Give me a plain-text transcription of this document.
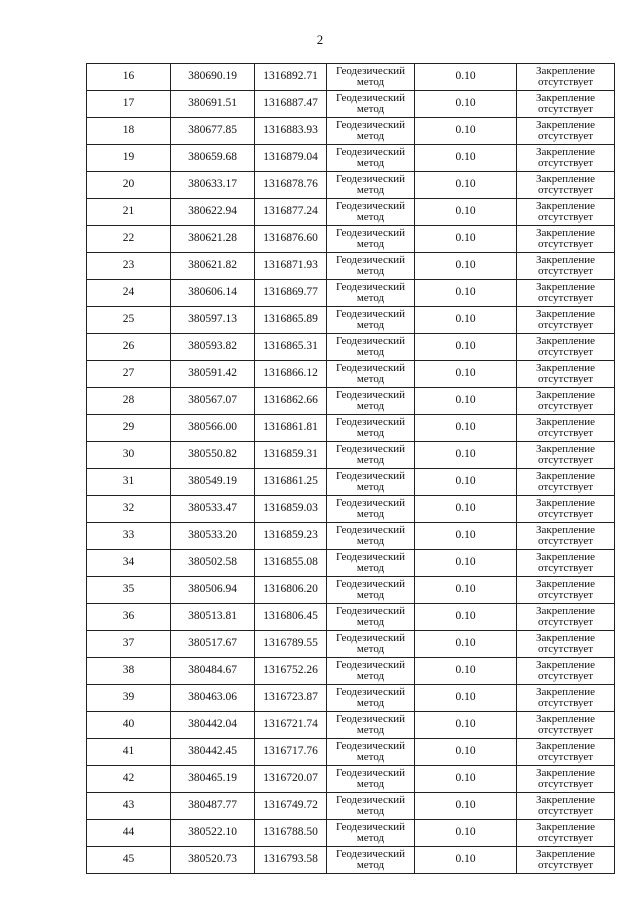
2
16	380690.19	1316892.71	Геодезический метод	0.10	Закрепление отсутствует
17	380691.51	1316887.47	Геодезический метод	0.10	Закрепление отсутствует
18	380677.85	1316883.93	Геодезический метод	0.10	Закрепление отсутствует
19	380659.68	1316879.04	Геодезический метод	0.10	Закрепление отсутствует
20	380633.17	1316878.76	Геодезический метод	0.10	Закрепление отсутствует
21	380622.94	1316877.24	Геодезический метод	0.10	Закрепление отсутствует
22	380621.28	1316876.60	Геодезический метод	0.10	Закрепление отсутствует
23	380621.82	1316871.93	Геодезический метод	0.10	Закрепление отсутствует
24	380606.14	1316869.77	Геодезический метод	0.10	Закрепление отсутствует
25	380597.13	1316865.89	Геодезический метод	0.10	Закрепление отсутствует
26	380593.82	1316865.31	Геодезический метод	0.10	Закрепление отсутствует
27	380591.42	1316866.12	Геодезический метод	0.10	Закрепление отсутствует
28	380567.07	1316862.66	Геодезический метод	0.10	Закрепление отсутствует
29	380566.00	1316861.81	Геодезический метод	0.10	Закрепление отсутствует
30	380550.82	1316859.31	Геодезический метод	0.10	Закрепление отсутствует
31	380549.19	1316861.25	Геодезический метод	0.10	Закрепление отсутствует
32	380533.47	1316859.03	Геодезический метод	0.10	Закрепление отсутствует
33	380533.20	1316859.23	Геодезический метод	0.10	Закрепление отсутствует
34	380502.58	1316855.08	Геодезический метод	0.10	Закрепление отсутствует
35	380506.94	1316806.20	Геодезический метод	0.10	Закрепление отсутствует
36	380513.81	1316806.45	Геодезический метод	0.10	Закрепление отсутствует
37	380517.67	1316789.55	Геодезический метод	0.10	Закрепление отсутствует
38	380484.67	1316752.26	Геодезический метод	0.10	Закрепление отсутствует
39	380463.06	1316723.87	Геодезический метод	0.10	Закрепление отсутствует
40	380442.04	1316721.74	Геодезический метод	0.10	Закрепление отсутствует
41	380442.45	1316717.76	Геодезический метод	0.10	Закрепление отсутствует
42	380465.19	1316720.07	Геодезический метод	0.10	Закрепление отсутствует
43	380487.77	1316749.72	Геодезический метод	0.10	Закрепление отсутствует
44	380522.10	1316788.50	Геодезический метод	0.10	Закрепление отсутствует
45	380520.73	1316793.58	Геодезический метод	0.10	Закрепление отсутствует
